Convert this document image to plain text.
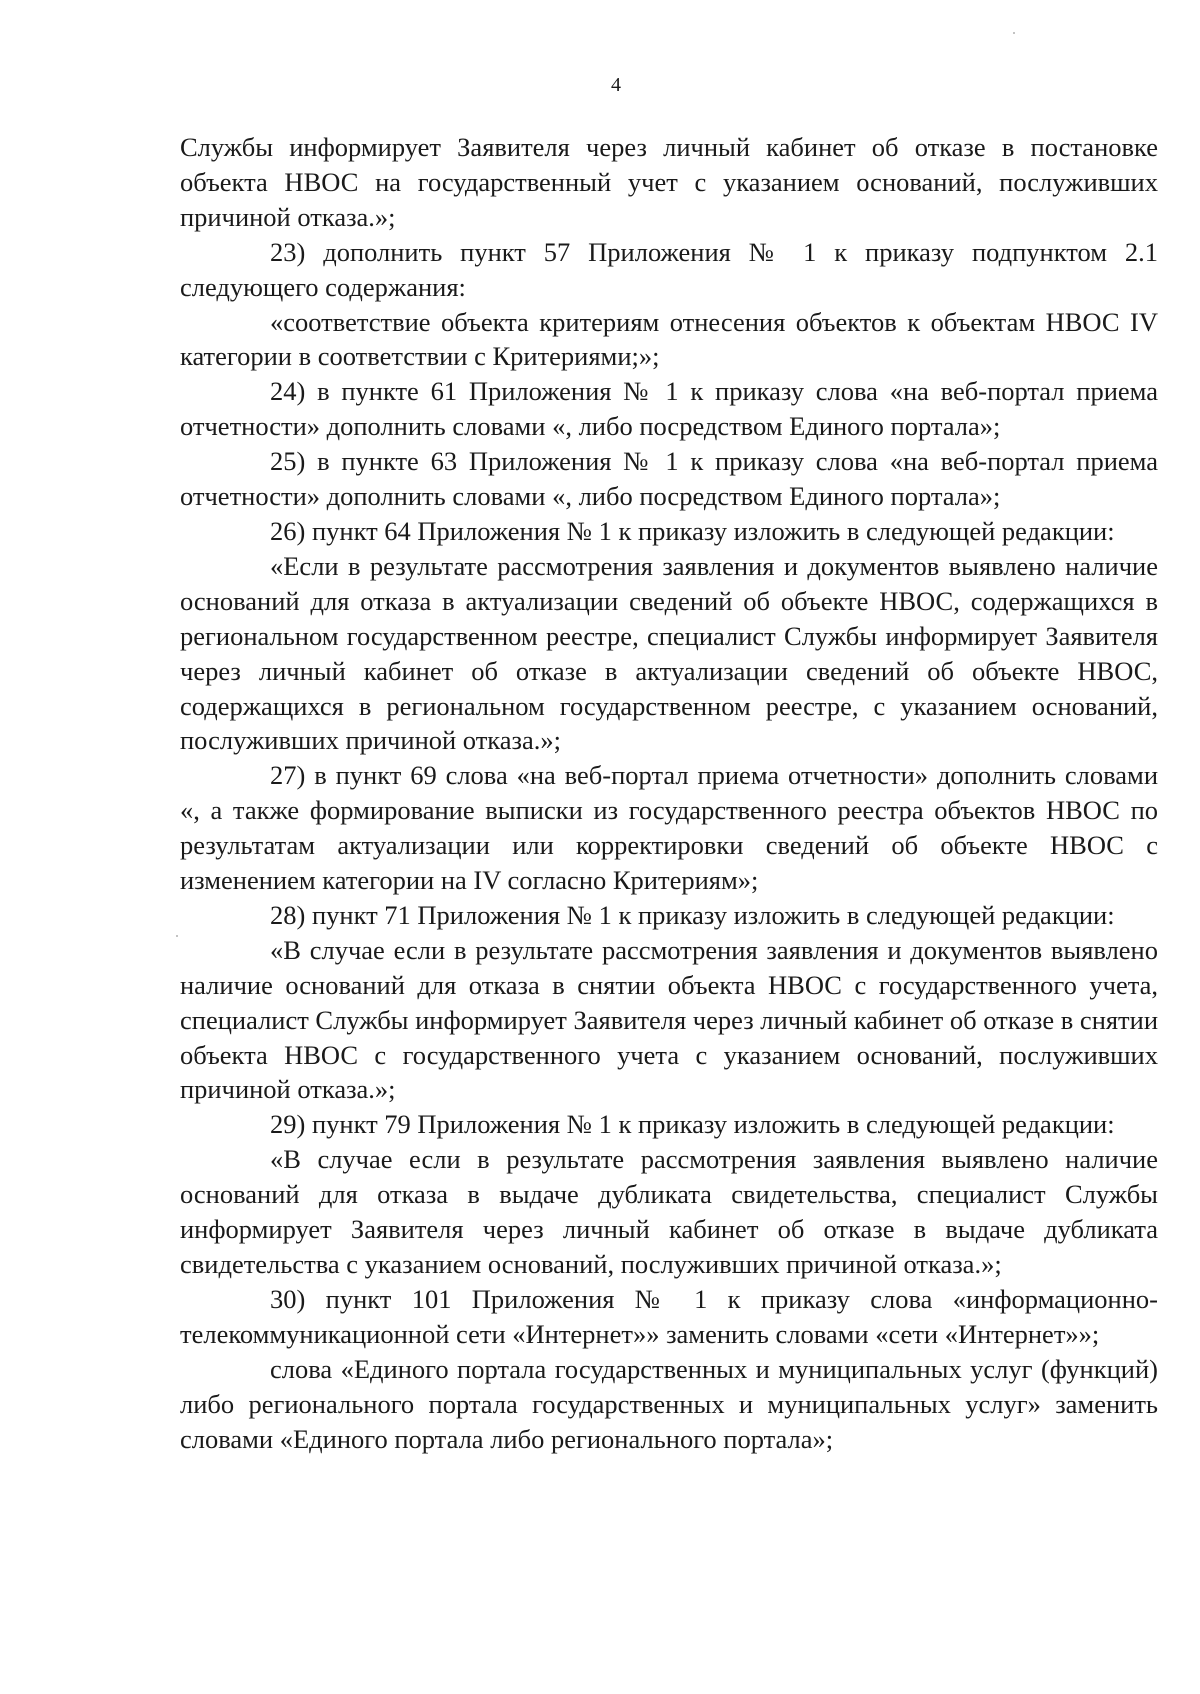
4

Службы информирует Заявителя через личный кабинет об отказе в постановке объекта НВОС на государственный учет с указанием оснований, послуживших причиной отказа.»;

23) дополнить пункт 57 Приложения № 1 к приказу подпунктом 2.1 следующего содержания:

«соответствие объекта критериям отнесения объектов к объектам НВОС IV категории в соответствии с Критериями;»;

24) в пункте 61 Приложения № 1 к приказу слова «на веб-портал приема отчетности» дополнить словами «, либо посредством Единого портала»;

25) в пункте 63 Приложения № 1 к приказу слова «на веб-портал приема отчетности» дополнить словами «, либо посредством Единого портала»;

26) пункт 64 Приложения № 1 к приказу изложить в следующей редакции:

«Если в результате рассмотрения заявления и документов выявлено наличие оснований для отказа в актуализации сведений об объекте НВОС, содержащихся в региональном государственном реестре, специалист Службы информирует Заявителя через личный кабинет об отказе в актуализации сведений об объекте НВОС, содержащихся в региональном государственном реестре, с указанием оснований, послуживших причиной отказа.»;

27) в пункт 69 слова «на веб-портал приема отчетности» дополнить словами «, а также формирование выписки из государственного реестра объектов НВОС по результатам актуализации или корректировки сведений об объекте НВОС с изменением категории на IV согласно Критериям»;

28) пункт 71 Приложения № 1 к приказу изложить в следующей редакции:

«В случае если в результате рассмотрения заявления и документов выявлено наличие оснований для отказа в снятии объекта НВОС с государственного учета, специалист Службы информирует Заявителя через личный кабинет об отказе в снятии объекта НВОС с государственного учета с указанием оснований, послуживших причиной отказа.»;

29) пункт 79 Приложения № 1 к приказу изложить в следующей редакции:

«В случае если в результате рассмотрения заявления выявлено наличие оснований для отказа в выдаче дубликата свидетельства, специалист Службы информирует Заявителя через личный кабинет об отказе в выдаче дубликата свидетельства с указанием оснований, послуживших причиной отказа.»;

30) пункт 101 Приложения № 1 к приказу слова «информационно-телекоммуникационной сети «Интернет»» заменить словами «сети «Интернет»»;

слова «Единого портала государственных и муниципальных услуг (функций) либо регионального портала государственных и муниципальных услуг» заменить словами «Единого портала либо регионального портала»;
